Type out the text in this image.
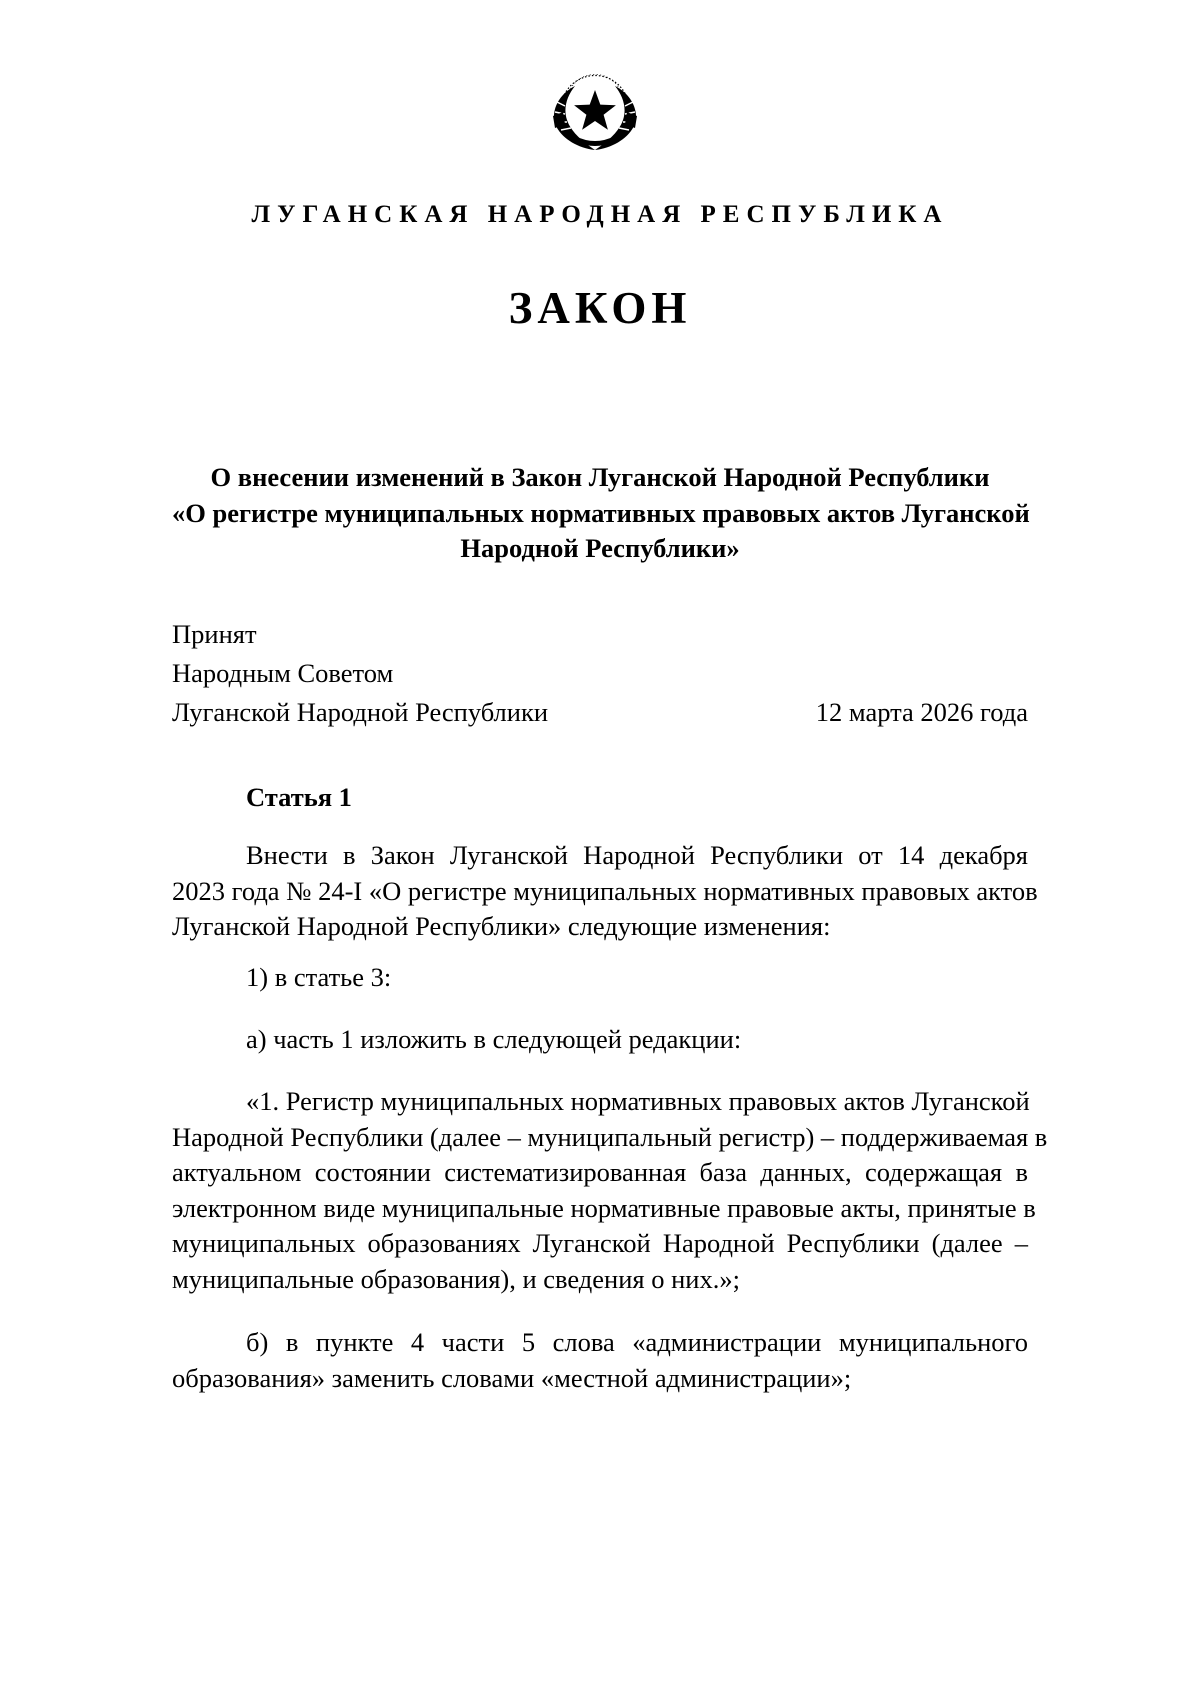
ЛУГАНСКАЯ НАРОДНАЯ РЕСПУБЛИКА
ЗАКОН
О внесении изменений в Закон Луганской Народной Республики
«О регистре муниципальных нормативных правовых актов Луганской
Народной Республики»
Принят
Народным Советом
Луганской Народной Республики	12 марта 2026 года
Статья 1
Внести в Закон Луганской Народной Республики от 14 декабря
2023 года № 24-I «О регистре муниципальных нормативных правовых актов
Луганской Народной Республики» следующие изменения:
1) в статье 3:
а) часть 1 изложить в следующей редакции:
«1. Регистр муниципальных нормативных правовых актов Луганской
Народной Республики (далее – муниципальный регистр) – поддерживаемая в
актуальном состоянии систематизированная база данных, содержащая в
электронном виде муниципальные нормативные правовые акты, принятые в
муниципальных образованиях Луганской Народной Республики (далее –
муниципальные образования), и сведения о них.»;
б) в пункте 4 части 5 слова «администрации муниципального
образования» заменить словами «местной администрации»;
